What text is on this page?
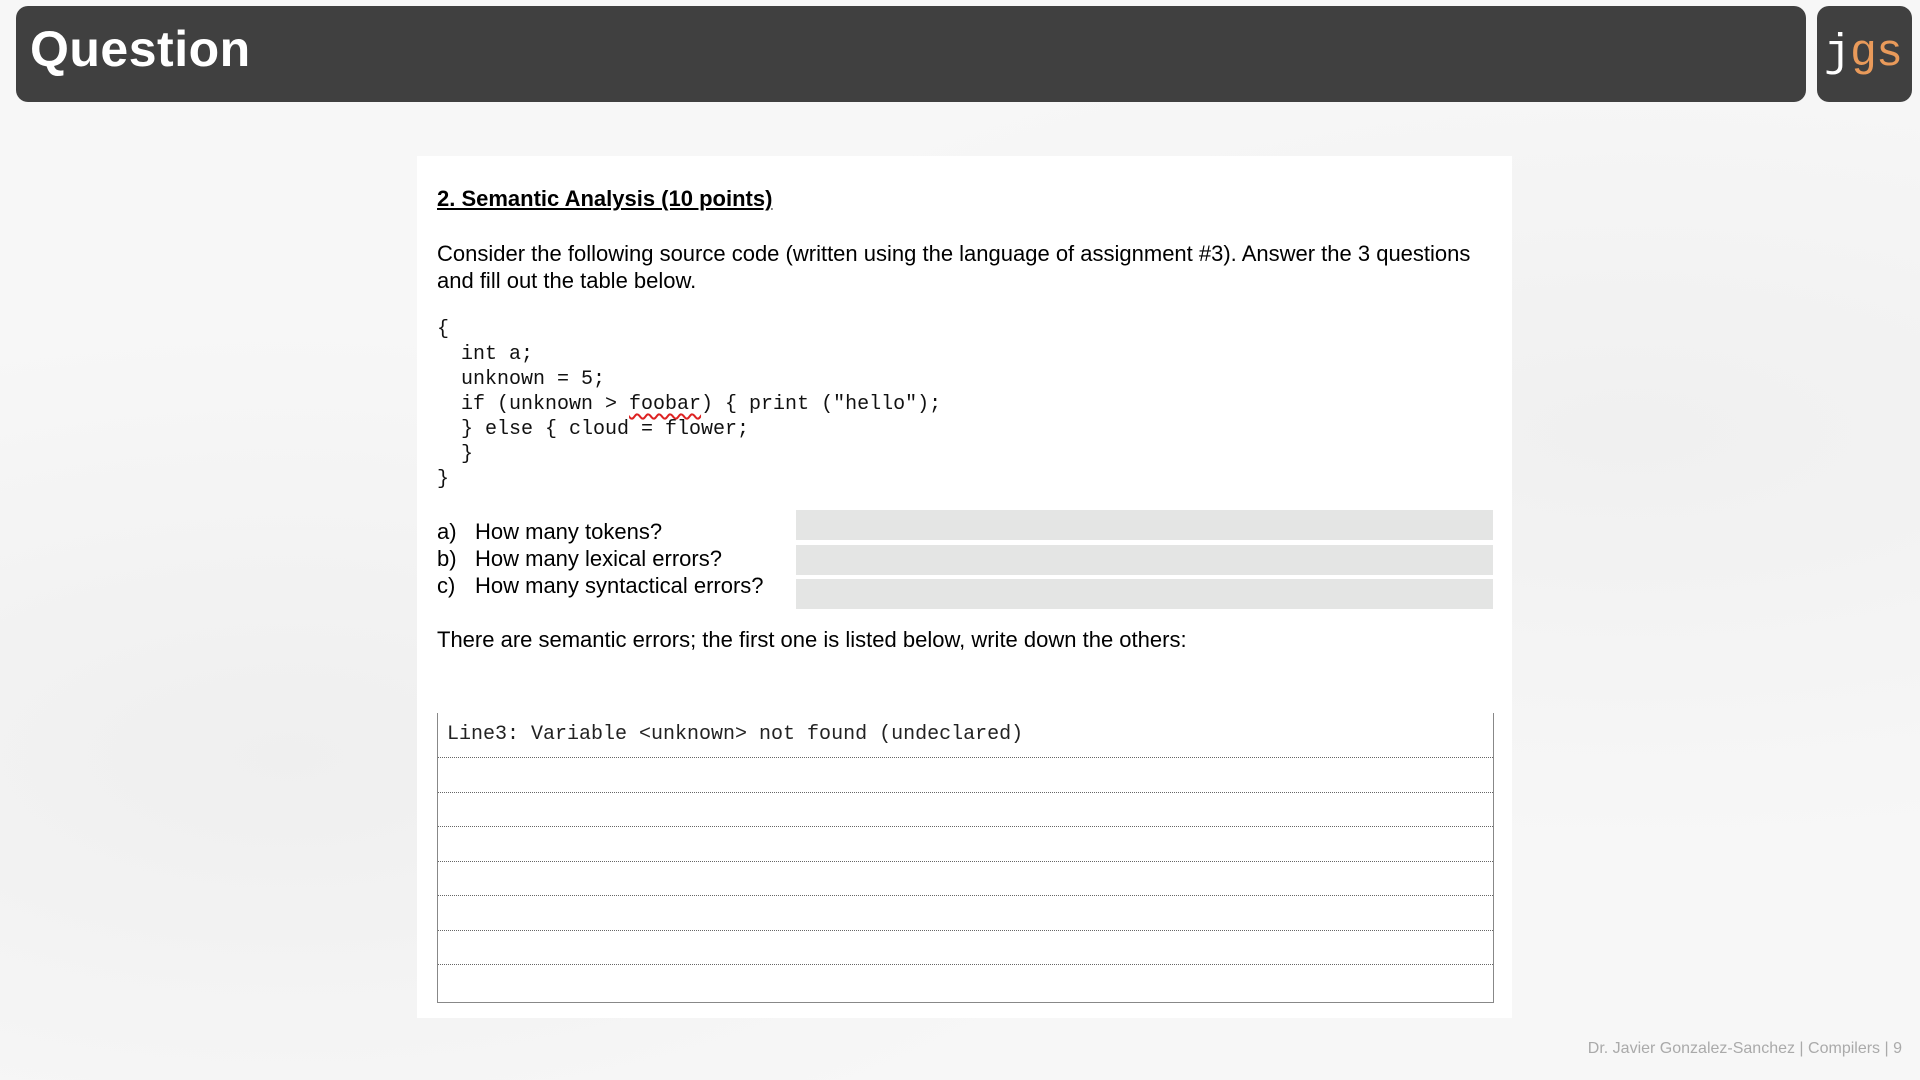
Question	jgs
2. Semantic Analysis (10 points)
Consider the following source code (written using the language of assignment #3). Answer the 3 questions and fill out the table below.
{
int a;
unknown = 5;
if (unknown > foobar) { print ("hello");
} else { cloud = flower;
}
}
a) How many tokens?
b) How many lexical errors?
c) How many syntactical errors?
There are semantic errors; the first one is listed below, write down the others:
Line3: Variable <unknown> not found (undeclared)
Dr. Javier Gonzalez-Sanchez | Compilers | 9
